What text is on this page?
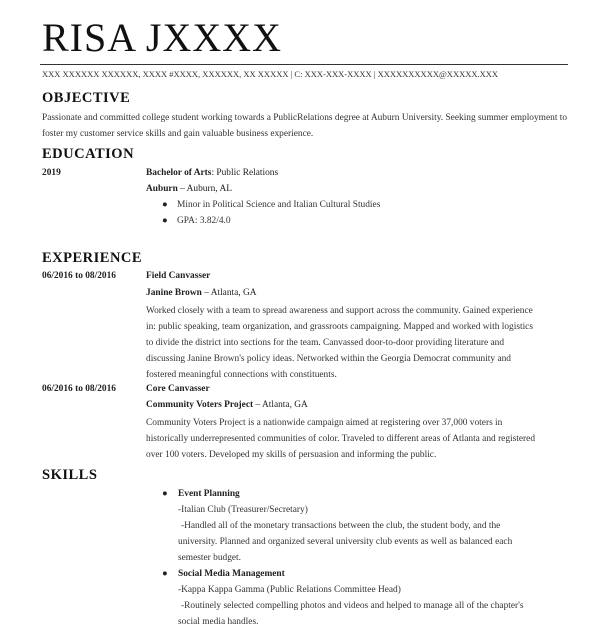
RISA JXXXX
XXX XXXXXX XXXXXX, XXXX #XXXX, XXXXXX, XX XXXXX | C: XXX-XXX-XXXX | XXXXXXXXXX@XXXXX.XXX
OBJECTIVE
Passionate and committed college student working towards a PublicRelations degree at Auburn University. Seeking summer employment to foster my customer service skills and gain valuable business experience.
EDUCATION
2019	Bachelor of Arts: Public Relations
Auburn – Auburn, AL
● Minor in Political Science and Italian Cultural Studies
● GPA: 3.82/4.0
EXPERIENCE
06/2016 to 08/2016	Field Canvasser
Janine Brown – Atlanta, GA
Worked closely with a team to spread awareness and support across the community. Gained experience
in: public speaking, team organization, and grassroots campaigning. Mapped and worked with logistics
to divide the district into sections for the team. Canvassed door-to-door providing literature and
discussing Janine Brown's policy ideas. Networked within the Georgia Democrat community and
fostered meaningful connections with constituents.
06/2016 to 08/2016	Core Canvasser
Community Voters Project – Atlanta, GA
Community Voters Project is a nationwide campaign aimed at registering over 37,000 voters in
historically underrepresented communities of color. Traveled to different areas of Atlanta and registered
over 100 voters. Developed my skills of persuasion and informing the public.
SKILLS
● Event Planning
-Italian Club (Treasurer/Secretary)
-Handled all of the monetary transactions between the club, the student body, and the
university. Planned and organized several university club events as well as balanced each
semester budget.
● Social Media Management
-Kappa Kappa Gamma (Public Relations Committee Head)
-Routinely selected compelling photos and videos and helped to manage all of the chapter's
social media handles.
